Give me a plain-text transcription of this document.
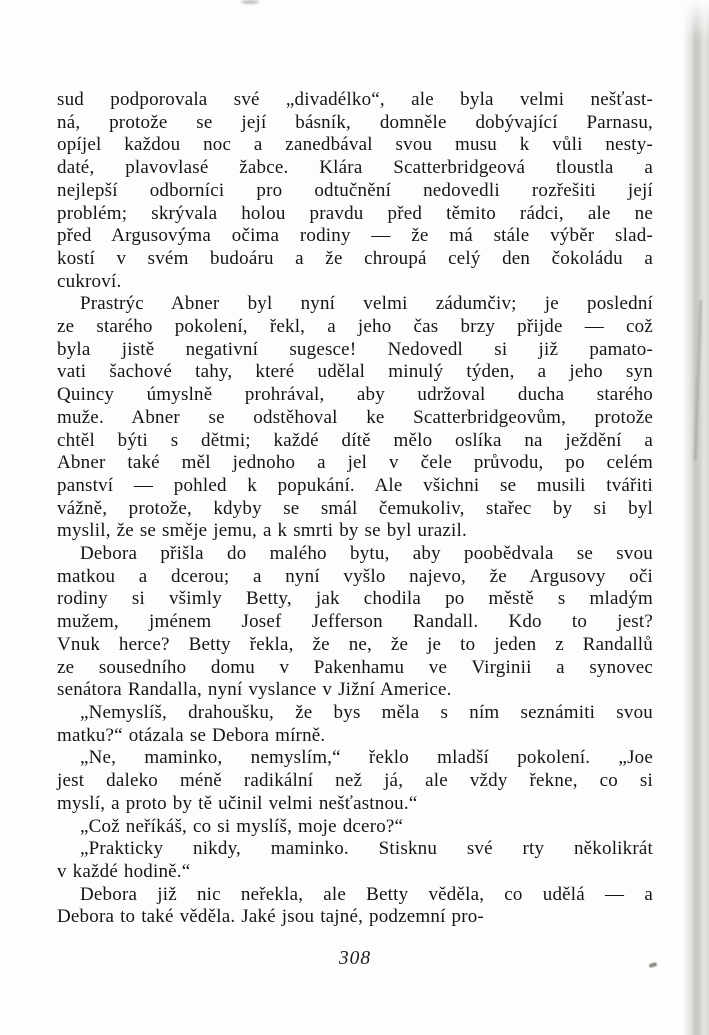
sud podporovala své „divadélko“, ale byla velmi nešťast-
ná, protože se její básník, domněle dobývající Parnasu,
opíjel každou noc a zanedbával svou musu k vůli nesty-
daté, plavovlasé žabce. Klára Scatterbridgeová tloustla a
nejlepší odborníci pro odtučnění nedovedli rozřešiti její
problém; skrývala holou pravdu před těmito rádci, ale ne
před Argusovýma očima rodiny — že má stále výběr slad-
kostí v svém budoáru a že chroupá celý den čokoládu a
cukroví.
Prastrýc Abner byl nyní velmi zádumčiv; je poslední
ze starého pokolení, řekl, a jeho čas brzy přijde — což
byla jistě negativní sugesce! Nedovedl si již pamato-
vati šachové tahy, které udělal minulý týden, a jeho syn
Quincy úmyslně prohrával, aby udržoval ducha starého
muže. Abner se odstěhoval ke Scatterbridgeovům, protože
chtěl býti s dětmi; každé dítě mělo oslíka na ježdění a
Abner také měl jednoho a jel v čele průvodu, po celém
panství — pohled k popukání. Ale všichni se musili tvářiti
vážně, protože, kdyby se smál čemukoliv, stařec by si byl
myslil, že se směje jemu, a k smrti by se byl urazil.
Debora přišla do malého bytu, aby poobědvala se svou
matkou a dcerou; a nyní vyšlo najevo, že Argusovy oči
rodiny si všimly Betty, jak chodila po městě s mladým
mužem, jménem Josef Jefferson Randall. Kdo to jest?
Vnuk herce? Betty řekla, že ne, že je to jeden z Randallů
ze sousedního domu v Pakenhamu ve Virginii a synovec
senátora Randalla, nyní vyslance v Jižní Americe.
„Nemyslíš, drahoušku, že bys měla s ním seznámiti svou
matku?“ otázala se Debora mírně.
„Ne, maminko, nemyslím,“ řeklo mladší pokolení. „Joe
jest daleko méně radikální než já, ale vždy řekne, co si
myslí, a proto by tě učinil velmi nešťastnou.“
„Což neříkáš, co si myslíš, moje dcero?“
„Prakticky nikdy, maminko. Stisknu své rty několikrát
v každé hodině.“
Debora již nic neřekla, ale Betty věděla, co udělá — a
Debora to také věděla. Jaké jsou tajné, podzemní pro-
308
